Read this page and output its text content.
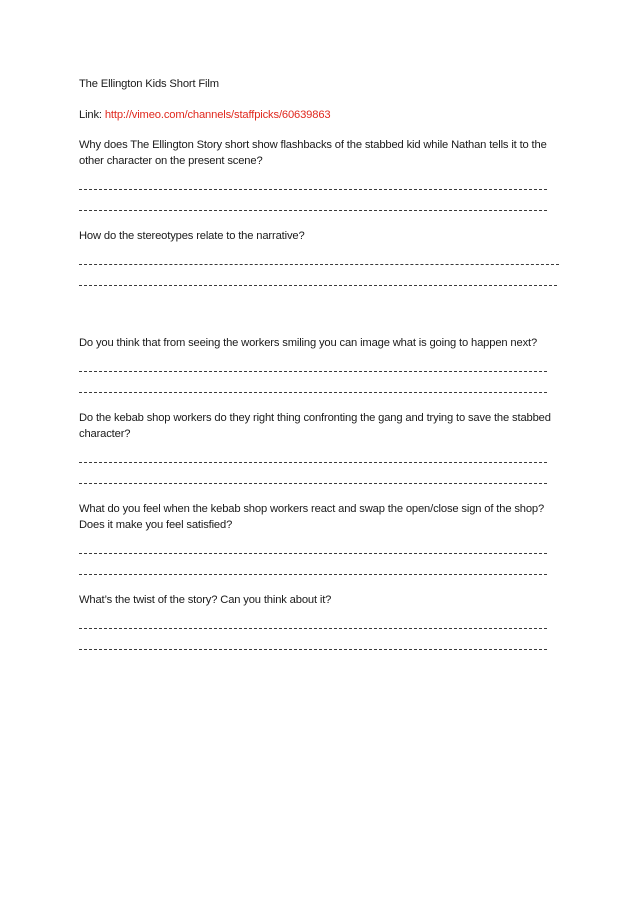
The Ellington Kids Short Film

Link: http://vimeo.com/channels/staffpicks/60639863

Why does The Ellington Story short show flashbacks of the stabbed kid while Nathan tells it to the other character on the present scene?

How do the stereotypes relate to the narrative?

Do you think that from seeing the workers smiling you can image what is going to happen next?

Do the kebab shop workers do they right thing confronting the gang and trying to save the stabbed character?

What do you feel when the kebab shop workers react and swap the open/close sign of the shop? Does it make you feel satisfied?

What’s the twist of the story? Can you think about it?
